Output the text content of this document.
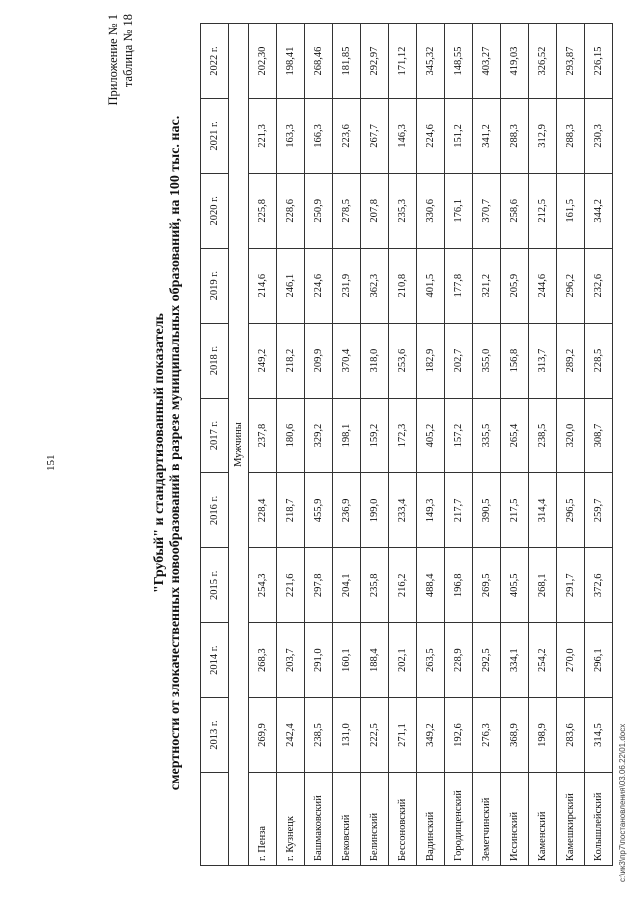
151
Приложение № 1 таблица № 18
"Грубый" и стандартизованный показатель смертности от злокачественных новообразований в разрезе муниципальных образований, на 100 тыс. нас.
	2013 г.	2014 г.	2015 г.	2016 г.	2017 г.	2018 г.	2019 г.	2020 г.	2021 г.	2022 г.
Мужчины										
г. Пенза	269,9	268,3	254,3	228,4	237,8	249,2	214,6	225,8	221,3	202,30
г. Кузнецк	242,4	203,7	221,6	218,7	180,6	218,2	246,1	228,6	163,3	198,41
Башмаковский	238,5	291,0	297,8	455,9	329,2	209,9	224,6	250,9	166,3	268,46
Бековский	131,0	160,1	204,1	236,9	198,1	370,4	231,9	278,5	223,6	181,85
Белинский	222,5	188,4	235,8	199,0	159,2	318,0	362,3	207,8	267,7	292,97
Бессоновский	271,1	202,1	216,2	233,4	172,3	253,6	210,8	235,3	146,3	171,12
Вадинский	349,2	263,5	488,4	149,3	405,2	182,9	401,5	330,6	224,6	345,32
Городищенский	192,6	228,9	196,8	217,7	157,2	202,7	177,8	176,1	151,2	148,55
Земетчинский	276,3	292,5	269,5	390,5	335,5	355,0	321,2	370,7	341,2	403,27
Иссинский	368,9	334,1	405,5	217,5	265,4	156,8	205,9	258,6	288,3	419,03
Каменский	198,9	254,2	268,1	314,4	238,5	313,7	244,6	212,5	312,9	326,52
Камешкирский	283,6	270,0	291,7	296,5	320,0	289,2	296,2	161,5	288,3	293,87
Колышлейский	314,5	296,1	372,6	259,7	308,7	228,5	232,6	344,2	230,3	226,15
c:\ик3\пр7\постановления\03.06.22\01.docx
